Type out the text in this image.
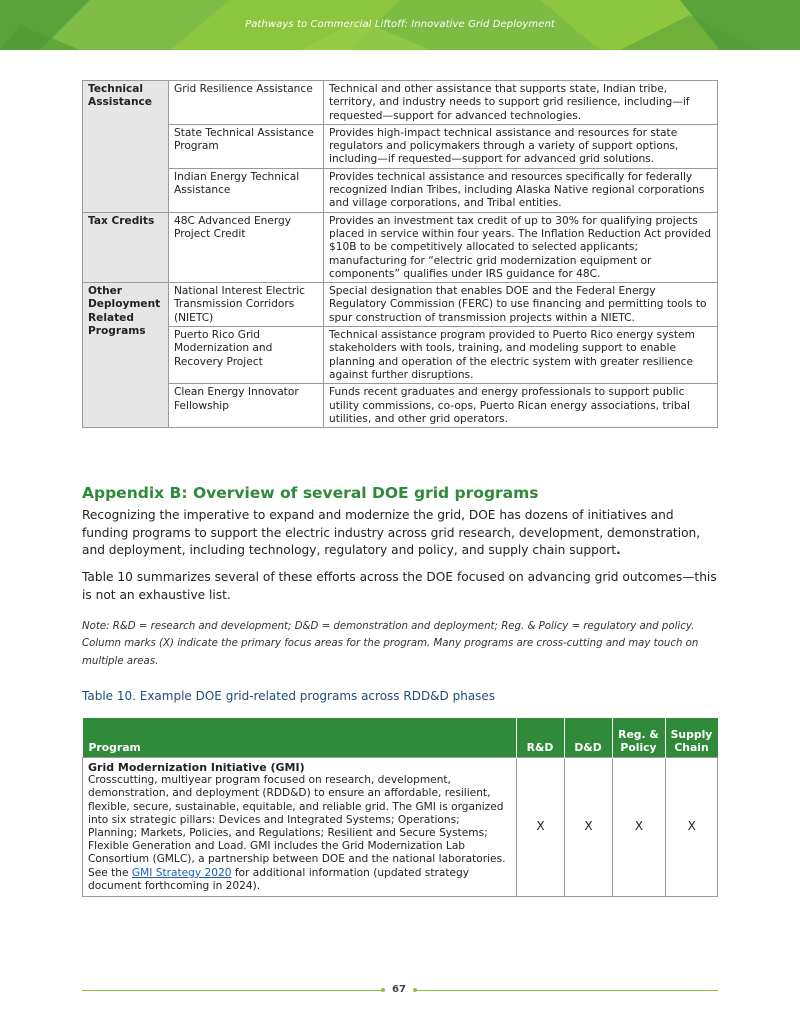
Pathways to Commercial Liftoff: Innovative Grid Deployment
Technical Assistance	Grid Resilience Assistance	Technical and other assistance that supports state, Indian tribe, territory, and industry needs to support grid resilience, including—if requested—support for advanced technologies.
	State Technical Assistance Program	Provides high-impact technical assistance and resources for state regulators and policymakers through a variety of support options, including—if requested—support for advanced grid solutions.
	Indian Energy Technical Assistance	Provides technical assistance and resources specifically for federally recognized Indian Tribes, including Alaska Native regional corporations and village corporations, and Tribal entities.
Tax Credits	48C Advanced Energy Project Credit	Provides an investment tax credit of up to 30% for qualifying projects placed in service within four years. The Inflation Reduction Act provided $10B to be competitively allocated to selected applicants; manufacturing for “electric grid modernization equipment or components” qualifies under IRS guidance for 48C.
Other Deployment Related Programs	National Interest Electric Transmission Corridors (NIETC)	Special designation that enables DOE and the Federal Energy Regulatory Commission (FERC) to use financing and permitting tools to spur construction of transmission projects within a NIETC.
	Puerto Rico Grid Modernization and Recovery Project	Technical assistance program provided to Puerto Rico energy system stakeholders with tools, training, and modeling support to enable planning and operation of the electric system with greater resilience against further disruptions.
	Clean Energy Innovator Fellowship	Funds recent graduates and energy professionals to support public utility commissions, co-ops, Puerto Rican energy associations, tribal utilities, and other grid operators.
Appendix B: Overview of several DOE grid programs
Recognizing the imperative to expand and modernize the grid, DOE has dozens of initiatives and funding programs to support the electric industry across grid research, development, demonstration, and deployment, including technology, regulatory and policy, and supply chain support.
Table 10 summarizes several of these efforts across the DOE focused on advancing grid outcomes—this is not an exhaustive list.
Note: R&D = research and development; D&D = demonstration and deployment; Reg. & Policy = regulatory and policy. Column marks (X) indicate the primary focus areas for the program. Many programs are cross-cutting and may touch on multiple areas.
Table 10. Example DOE grid-related programs across RDD&D phases
Program	R&D	D&D	Reg. & Policy	Supply Chain

Grid Modernization Initiative (GMI)
Crosscutting, multiyear program focused on research, development, demonstration, and deployment (RDD&D) to ensure an affordable, resilient, flexible, secure, sustainable, equitable, and reliable grid. The GMI is organized into six strategic pillars: Devices and Integrated Systems; Operations; Planning; Markets, Policies, and Regulations; Resilient and Secure Systems; Flexible Generation and Load. GMI includes the Grid Modernization Lab Consortium (GMLC), a partnership between DOE and the national laboratories. See the GMI Strategy 2020 for additional information (updated strategy document forthcoming in 2024).	X	X	X	X
67
